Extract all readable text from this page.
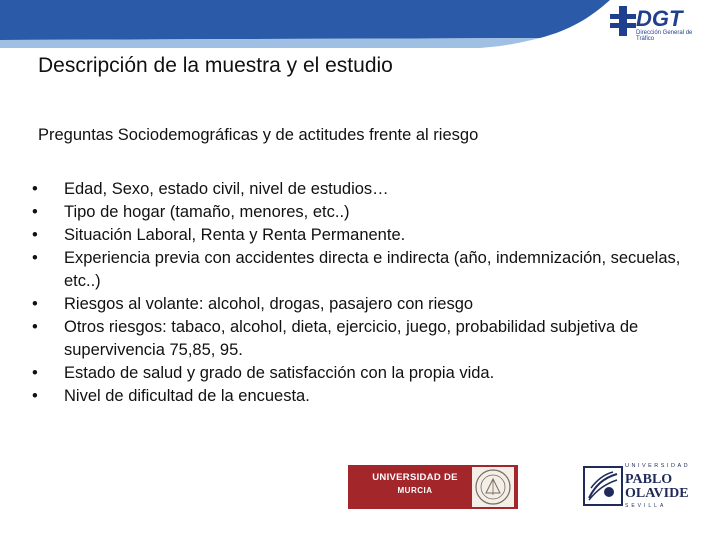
DGT
Dirección General de Tráfico
Descripción de la muestra y el estudio
Preguntas Sociodemográficas y de actitudes frente al riesgo
• Edad, Sexo, estado civil, nivel de estudios…
• Tipo de hogar (tamaño, menores, etc..)
• Situación Laboral, Renta y Renta Permanente.
• Experiencia previa con accidentes directa e indirecta (año, indemnización, secuelas, etc..)
• Riesgos al volante: alcohol, drogas, pasajero con riesgo
• Otros riesgos: tabaco, alcohol, dieta, ejercicio, juego, probabilidad subjetiva de supervivencia 75,85, 95.
• Estado de salud y grado de satisfacción con la propia vida.
• Nivel de dificultad de la encuesta.
UNIVERSIDAD DE
MURCIA
UNIVERSIDAD
PABLO
OLAVIDE
SEVILLA
